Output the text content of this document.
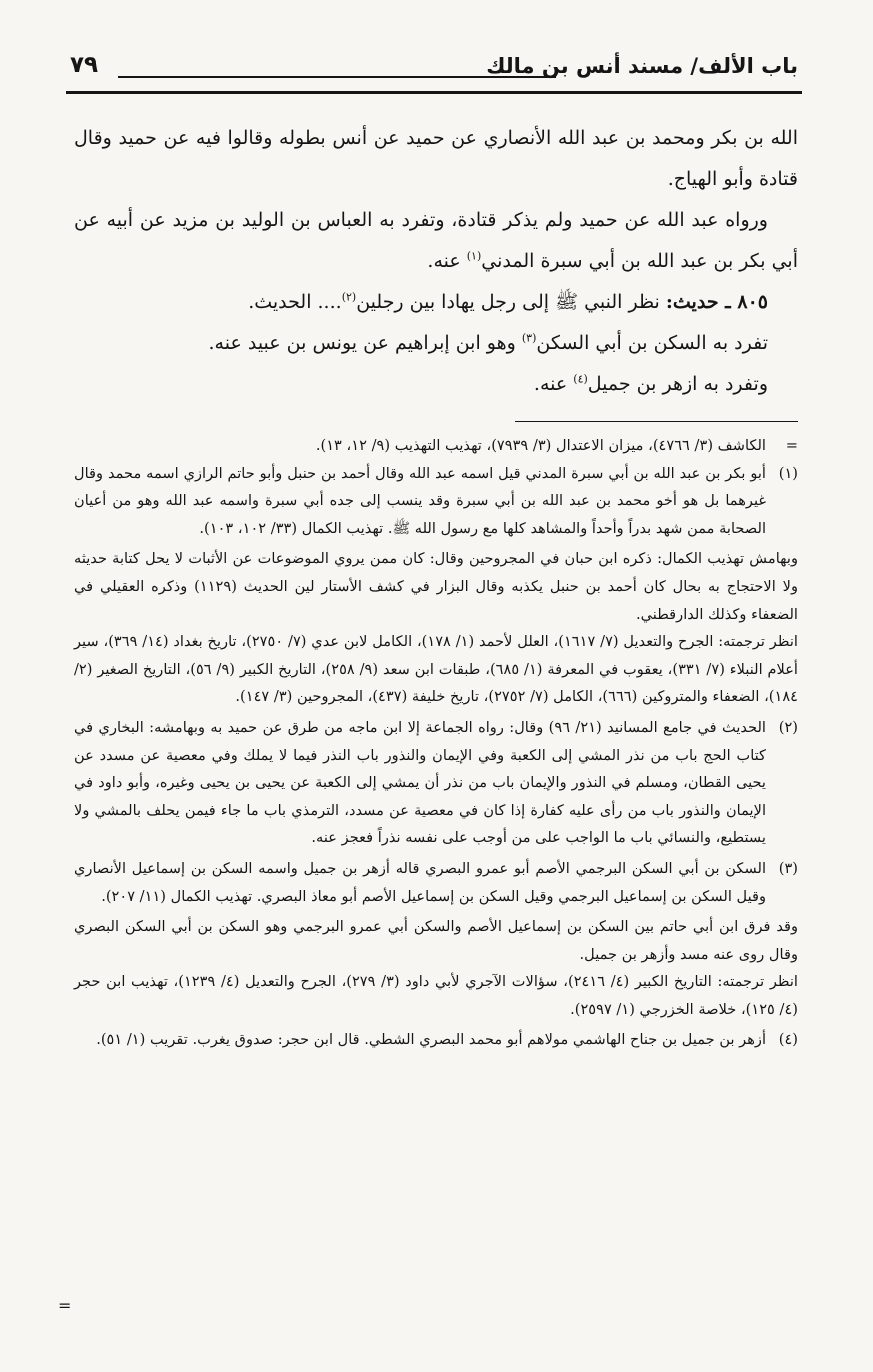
باب الألف/ مسند أنس بن مالك
٧٩

الله بن بكر ومحمد بن عبد الله الأنصاري عن حميد عن أنس بطوله وقالوا فيه عن حميد وقال قتادة وأبو الهياج.

ورواه عبد الله عن حميد ولم يذكر قتادة، وتفرد به العباس بن الوليد بن مزيد عن أبيه عن أبي بكر بن عبد الله بن أبي سبرة المدني$^{(١)}$ عنه.

٨٠٥ ـ حديث: نظر النبي ﷺ إلى رجل يهادا بين رجلين$^{(٢)}$.... الحديث.

تفرد به السكن بن أبي السكن$^{(٣)}$ وهو ابن إبراهيم عن يونس بن عبيد عنه.

وتفرد به ازهر بن جميل$^{(٤)}$ عنه.

=
الكاشف (٣/ ٤٧٦٦)، ميزان الاعتدال (٣/ ٧٩٣٩)، تهذيب التهذيب (٩/ ١٢، ١٣).

(١)
أبو بكر بن عبد الله بن أبي سبرة المدني قيل اسمه عبد الله وقال أحمد بن حنبل وأبو حاتم الرازي اسمه محمد وقال غيرهما بل هو أخو محمد بن عبد الله بن أبي سبرة وقد ينسب إلى جده أبي سبرة واسمه عبد الله وهو من أعيان الصحابة ممن شهد بدراً وأحداً والمشاهد كلها مع رسول الله ﷺ. تهذيب الكمال (٣٣/ ١٠٢، ١٠٣).

وبهامش تهذيب الكمال: ذكره ابن حبان في المجروحين وقال: كان ممن يروي الموضوعات عن الأثبات لا يحل كتابة حديثه ولا الاحتجاج به بحال كان أحمد بن حنبل يكذبه وقال البزار في كشف الأستار لين الحديث (١١٢٩) وذكره العقيلي في الضعفاء وكذلك الدارقطني.

انظر ترجمته: الجرح والتعديل (٧/ ١٦١٧)، العلل لأحمد (١/ ١٧٨)، الكامل لابن عدي (٧/ ٢٧٥٠)، تاريخ بغداد (١٤/ ٣٦٩)، سير أعلام النبلاء (٧/ ٣٣١)، يعقوب في المعرفة (١/ ٦٨٥)، طبقات ابن سعد (٩/ ٢٥٨)، التاريخ الكبير (٩/ ٥٦)، التاريخ الصغير (٢/ ١٨٤)، الضعفاء والمتروكين (٦٦٦)، الكامل (٧/ ٢٧٥٢)، تاريخ خليفة (٤٣٧)، المجروحين (٣/ ١٤٧).

(٢)
الحديث في جامع المسانيد (٢١/ ٩٦) وقال: رواه الجماعة إلا ابن ماجه من طرق عن حميد به وبهامشه: البخاري في كتاب الحج باب من نذر المشي إلى الكعبة وفي الإيمان والنذور باب النذر فيما لا يملك وفي معصية عن مسدد عن يحيى القطان، ومسلم في النذور والإيمان باب من نذر أن يمشي إلى الكعبة عن يحيى بن يحيى وغيره، وأبو داود في الإيمان والنذور باب من رأى عليه كفارة إذا كان في معصية عن مسدد، الترمذي باب ما جاء فيمن يحلف بالمشي ولا يستطيع، والنسائي باب ما الواجب على من أوجب على نفسه نذراً فعجز عنه.

(٣)
السكن بن أبي السكن البرجمي الأصم أبو عمرو البصري قاله أزهر بن جميل واسمه السكن بن إسماعيل الأنصاري وقيل السكن بن إسماعيل البرجمي وقيل السكن بن إسماعيل الأصم أبو معاذ البصري. تهذيب الكمال (١١/ ٢٠٧).

وقد فرق ابن أبي حاتم بين السكن بن إسماعيل الأصم والسكن أبي عمرو البرجمي وهو السكن بن أبي السكن البصري وقال روى عنه مسد وأزهر بن جميل.

انظر ترجمته: التاريخ الكبير (٤/ ٢٤١٦)، سؤالات الآجري لأبي داود (٣/ ٢٧٩)، الجرح والتعديل (٤/ ١٢٣٩)، تهذيب ابن حجر (٤/ ١٢٥)، خلاصة الخزرجي (١/ ٢٥٩٧).

(٤)
أزهر بن جميل بن جناح الهاشمي مولاهم أبو محمد البصري الشطي. قال ابن حجر: صدوق يغرب. تقريب (١/ ٥١).

=
